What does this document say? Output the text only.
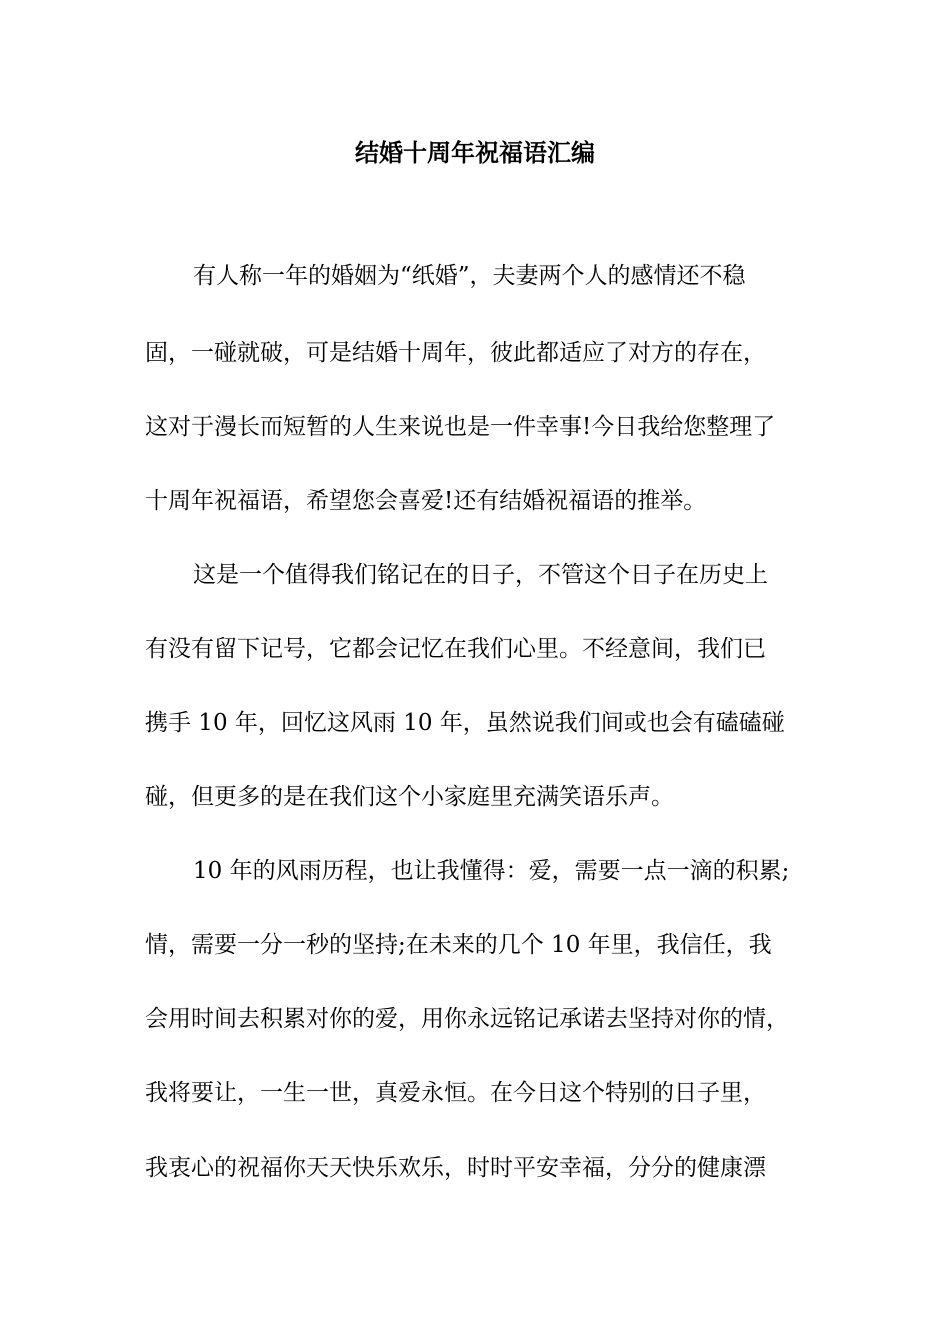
结婚十周年祝福语汇编
有人称一年的婚姻为“纸婚”，夫妻两个人的感情还不稳
固，一碰就破，可是结婚十周年，彼此都适应了对方的存在，
这对于漫长而短暂的人生来说也是一件幸事!今日我给您整理了
十周年祝福语，希望您会喜爱!还有结婚祝福语的推举。
这是一个值得我们铭记在的日子，不管这个日子在历史上
有没有留下记号，它都会记忆在我们心里。不经意间，我们已
携手 10 年，回忆这风雨 10 年，虽然说我们间或也会有磕磕碰
碰，但更多的是在我们这个小家庭里充满笑语乐声。
10 年的风雨历程，也让我懂得：爱，需要一点一滴的积累;
情，需要一分一秒的坚持;在未来的几个 10 年里，我信任，我
会用时间去积累对你的爱，用你永远铭记承诺去坚持对你的情，
我将要让，一生一世，真爱永恒。在今日这个特别的日子里，
我衷心的祝福你天天快乐欢乐，时时平安幸福，分分的健康漂
